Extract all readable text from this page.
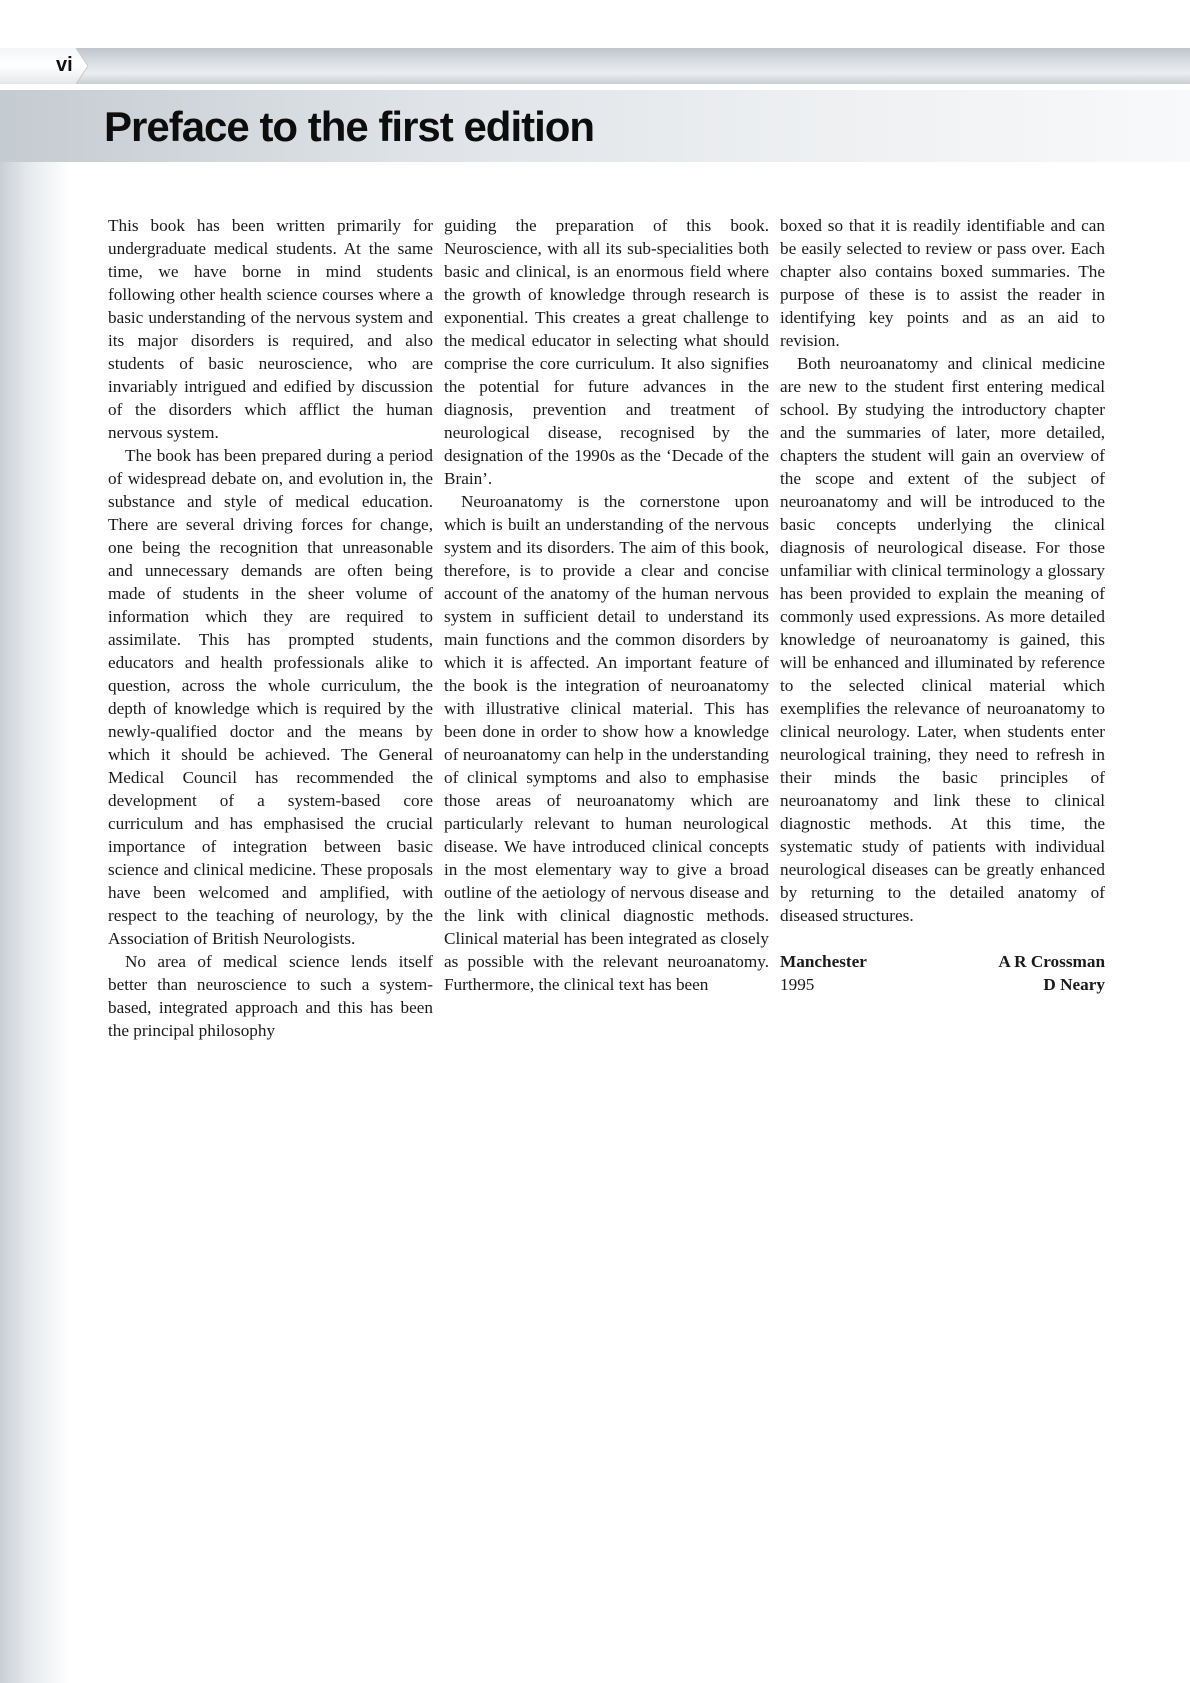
vi
Preface to the first edition

This book has been written primarily for undergraduate medical students. At the same time, we have borne in mind students following other health science courses where a basic understanding of the nervous system and its major disorders is required, and also students of basic neuroscience, who are invariably intrigued and edified by discussion of the disorders which afflict the human nervous system.

The book has been prepared during a period of widespread debate on, and evolution in, the substance and style of medical education. There are several driving forces for change, one being the recognition that unreasonable and unnecessary demands are often being made of students in the sheer volume of information which they are required to assimilate. This has prompted students, educators and health professionals alike to question, across the whole curriculum, the depth of knowledge which is required by the newly-qualified doctor and the means by which it should be achieved. The General Medical Council has recommended the development of a system-based core curriculum and has emphasised the crucial importance of integration between basic science and clinical medicine. These proposals have been welcomed and amplified, with respect to the teaching of neurology, by the Association of British Neurologists.

No area of medical science lends itself better than neuroscience to such a system-based, integrated approach and this has been the principal philosophy

guiding the preparation of this book. Neuroscience, with all its sub-specialities both basic and clinical, is an enormous field where the growth of knowledge through research is exponential. This creates a great challenge to the medical educator in selecting what should comprise the core curriculum. It also signifies the potential for future advances in the diagnosis, prevention and treatment of neurological disease, recognised by the designation of the 1990s as the ‘Decade of the Brain’.

Neuroanatomy is the cornerstone upon which is built an understanding of the nervous system and its disorders. The aim of this book, therefore, is to provide a clear and concise account of the anatomy of the human nervous system in sufficient detail to understand its main functions and the common disorders by which it is affected. An important feature of the book is the integration of neuroanatomy with illustrative clinical material. This has been done in order to show how a knowledge of neuroanatomy can help in the understanding of clinical symptoms and also to emphasise those areas of neuroanatomy which are particularly relevant to human neurological disease. We have introduced clinical concepts in the most elementary way to give a broad outline of the aetiology of nervous disease and the link with clinical diagnostic methods. Clinical material has been integrated as closely as possible with the relevant neuroanatomy. Furthermore, the clinical text has been

boxed so that it is readily identifiable and can be easily selected to review or pass over. Each chapter also contains boxed summaries. The purpose of these is to assist the reader in identifying key points and as an aid to revision.

Both neuroanatomy and clinical medicine are new to the student first entering medical school. By studying the introductory chapter and the summaries of later, more detailed, chapters the student will gain an overview of the scope and extent of the subject of neuroanatomy and will be introduced to the basic concepts underlying the clinical diagnosis of neurological disease. For those unfamiliar with clinical terminology a glossary has been provided to explain the meaning of commonly used expressions. As more detailed knowledge of neuroanatomy is gained, this will be enhanced and illuminated by reference to the selected clinical material which exemplifies the relevance of neuroanatomy to clinical neurology. Later, when students enter neurological training, they need to refresh in their minds the basic principles of neuroanatomy and link these to clinical diagnostic methods. At this time, the systematic study of patients with individual neurological diseases can be greatly enhanced by returning to the detailed anatomy of diseased structures.

Manchester	A R Crossman
1995	D Neary
